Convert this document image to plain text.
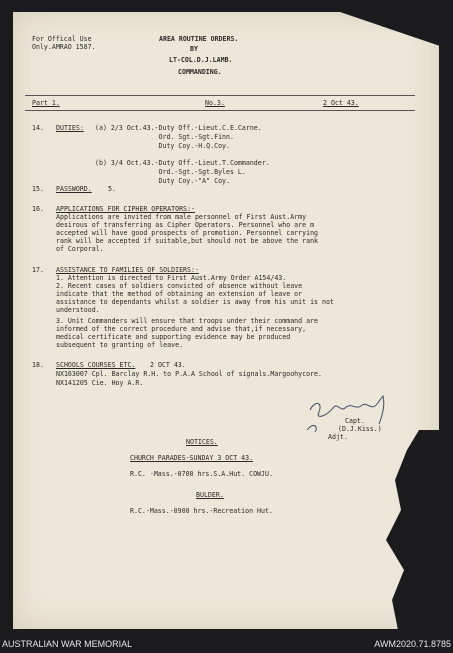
For Offical Use
Only.AMRAO 1587.
AREA ROUTINE ORDERS.
BY
LT-COL.D.J.LAMB.
COMMANDING.
Part 1.	No.3.	2 Oct 43.
14. DUTIES: (a) 2/3 Oct.43.-Duty Off.-Lieut.C.E.Carne.
Ord. Sgt.-Sgt.Finn.
Duty Coy.-H.Q.Coy.
(b) 3/4 Oct.43.-Duty Off.-Lieut.T.Commander.
Ord.-Sgt.-Sgt.Byles L.
Duty Coy.-"A" Coy.
15. PASSWORD. 5.
16. APPLICATIONS FOR CIPHER OPERATORS:-
Applications are invited from male personnel of First Aust.Army
desirous of transferring as Cipher Operators. Personnel who are m
accepted will have good prospects of promotion. Personnel carrying
rank will be accepted if suitable,but should not be above the rank
of Corporal.
17. ASSISTANCE TO FAMILIES OF SOLDIERS:-
1. Attention is directed to First Aust.Army Order A154/43.
2. Recent cases of soldiers convicted of absence without leave
indicate that the method of obtaining an extension of leave or
assistance to dependants whilst a soldier is away from his unit is not
understood.
3. Unit Commanders will ensure that troops under their command are
informed of the correct procedure and advise that,if necessary,
medical certificate and supporting evidence may be produced
subsequent to granting of leave.
18. SCHOOLS COURSES ETC. 2 OCT 43.
NX163007 Cpl. Barclay R.H. to P.A.A School of signals.Margoohycore.
NX141205 Cie. Hoy A.R.
Capt.
(D.J.Kiss.)
Adjt.
NOTICES.
CHURCH PARADES-SUNDAY 3 OCT 43.
R.C. -Mass.-0700 hrs.S.A.Hut. COWJU.
BULDER.
R.C.-Mass.-0900 hrs.-Recreation Hut.
AUSTRALIAN WAR MEMORIAL	AWM2020.71.8785
